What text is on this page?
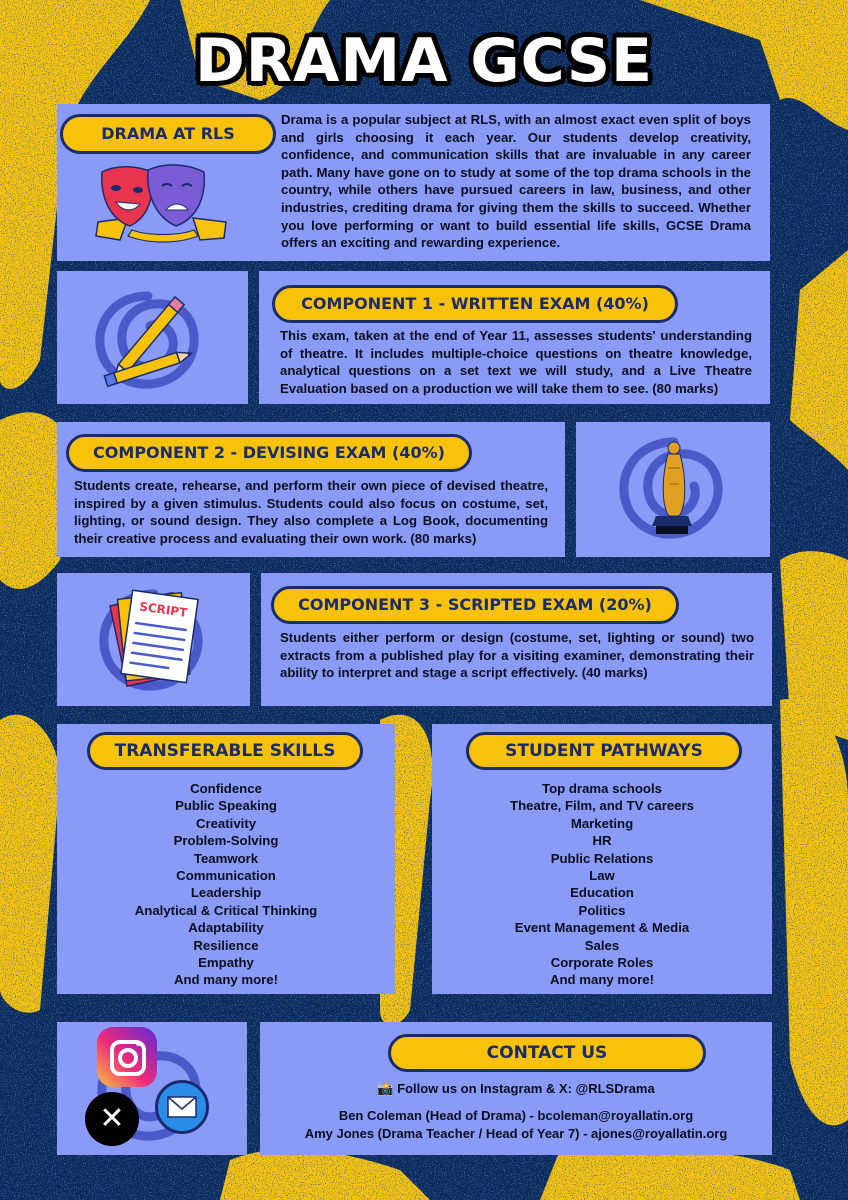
DRAMA GCSE
DRAMA AT RLS
Drama is a popular subject at RLS, with an almost exact even split of boys and girls choosing it each year. Our students develop creativity, confidence, and communication skills that are invaluable in any career path. Many have gone on to study at some of the top drama schools in the country, while others have pursued careers in law, business, and other industries, crediting drama for giving them the skills to succeed. Whether you love performing or want to build essential life skills, GCSE Drama offers an exciting and rewarding experience.
COMPONENT 1 - WRITTEN EXAM (40%)
This exam, taken at the end of Year 11, assesses students' understanding of theatre. It includes multiple-choice questions on theatre knowledge, analytical questions on a set text we will study, and a Live Theatre Evaluation based on a production we will take them to see. (80 marks)
COMPONENT 2 - DEVISING EXAM (40%)
Students create, rehearse, and perform their own piece of devised theatre, inspired by a given stimulus. Students could also focus on costume, set, lighting, or sound design. They also complete a Log Book, documenting their creative process and evaluating their own work. (80 marks)
SCRIPT	COMPONENT 3 - SCRIPTED EXAM (20%)
Students either perform or design (costume, set, lighting or sound) two extracts from a published play for a visiting examiner, demonstrating their ability to interpret and stage a script effectively. (40 marks)
TRANSFERABLE SKILLS
Confidence
Public Speaking
Creativity
Problem-Solving
Teamwork
Communication
Leadership
Analytical & Critical Thinking
Adaptability
Resilience
Empathy
And many more!
STUDENT PATHWAYS
Top drama schools
Theatre, Film, and TV careers
Marketing
HR
Public Relations
Law
Education
Politics
Event Management & Media
Sales
Corporate Roles
And many more!
✕
CONTACT US
📸 Follow us on Instagram & X: @RLSDrama
Ben Coleman (Head of Drama) - bcoleman@royallatin.org
Amy Jones (Drama Teacher / Head of Year 7) - ajones@royallatin.org
